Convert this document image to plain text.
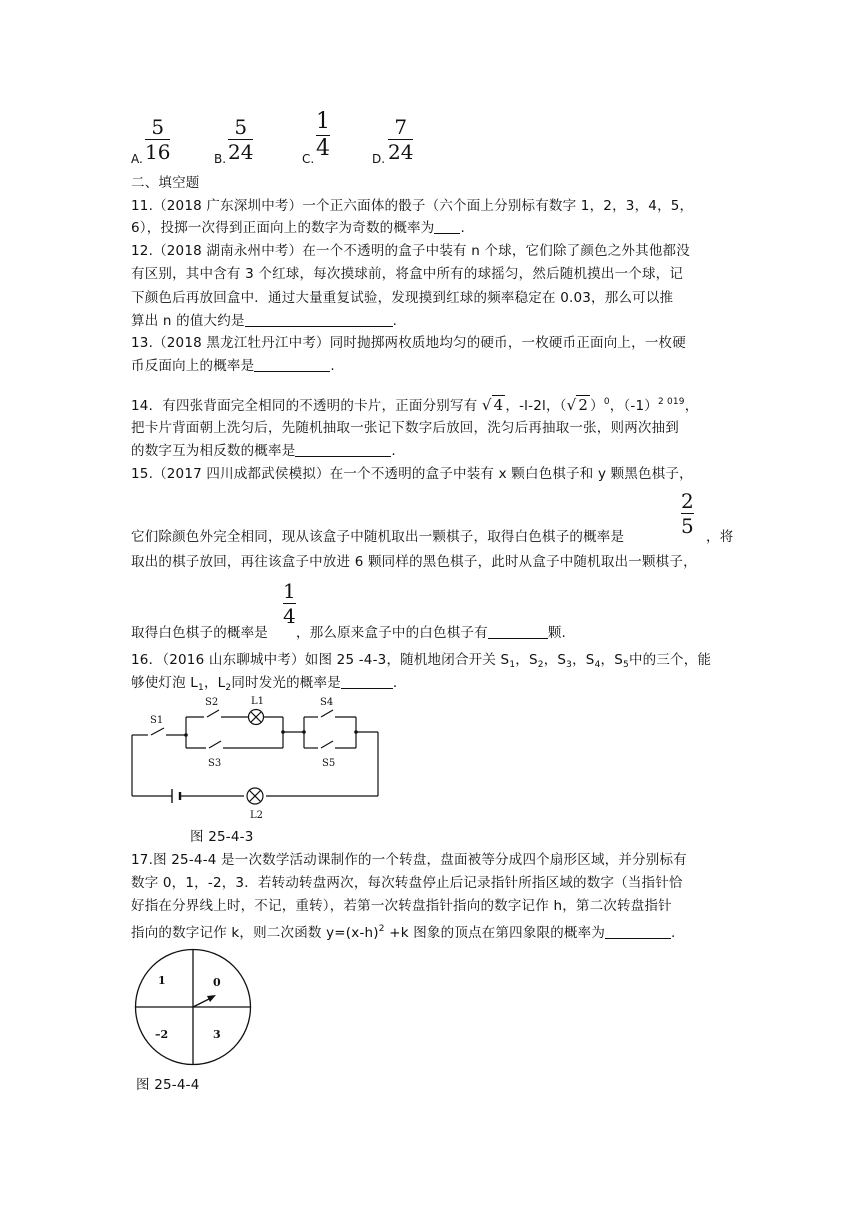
A.
5
16	B.
5
24	C.
1
4	D.
7
24
二、填空题
11.（2018 广东深圳中考）一个正六面体的骰子（六个面上分别标有数字 1，2，3，4，5，
6），投掷一次得到正面向上的数字为奇数的概率为 .
12.（2018 湖南永州中考）在一个不透明的盒子中装有 n 个球，它们除了颜色之外其他都没
有区别，其中含有 3 个红球，每次摸球前，将盒中所有的球摇匀，然后随机摸出一个球，记
下颜色后再放回盒中．通过大量重复试验，发现摸到红球的频率稳定在 0.03，那么可以推
算出 n 的值大约是	.
13.（2018 黑龙江牡丹江中考）同时抛掷两枚质地均匀的硬币，一枚硬币正面向上，一枚硬
币反面向上的概率是	.
14．有四张背面完全相同的不透明的卡片，正面分别写有 √ 4 ，-l-2l，（√ 2 ）$^0$，$(-1)^{2 019}$，
把卡片背面朝上洗匀后，先随机抽取一张记下数字后放回，洗匀后再抽取一张，则两次抽到
的数字互为相反数的概率是	.
15.（2017 四川成都武侯模拟）在一个不透明的盒子中装有 x 颗白色棋子和 y 颗黑色棋子，
2
5
它们除颜色外完全相同，现从该盒子中随机取出一颗棋子，取得白色棋子的概率是	，将
取出的棋子放回，再往该盒子中放进 6 颗同样的黑色棋子，此时从盒子中随机取出一颗棋子，
1
4
取得白色棋子的概率是 ，那么原来盒子中的白色棋子有	颗.
16．（2016 山东聊城中考）如图 25 -4-3，随机地闭合开关 $S_1$，$S_2$，$S_3$，$S_4$，$S_5$中的三个，能
够使灯泡 $L_1$，$L_2$同时发光的概率是	.
S1
S2
S3
S4
S5
L1
L2
图 25-4-3
17.图 25-4-4 是一次数学活动课制作的一个转盘，盘面被等分成四个扇形区域，并分别标有
数字 0，1，-2，3．若转动转盘两次，每次转盘停止后记录指针所指区域的数字（当指针恰
好指在分界线上时，不记，重转），若第一次转盘指针指向的数字记作 h，第二次转盘指针
指向的数字记作 k，则二次函数 $y=(x-h)^2 +k$ 图象的顶点在第四象限的概率为	.
1	0
–2	3
图 25-4-4
